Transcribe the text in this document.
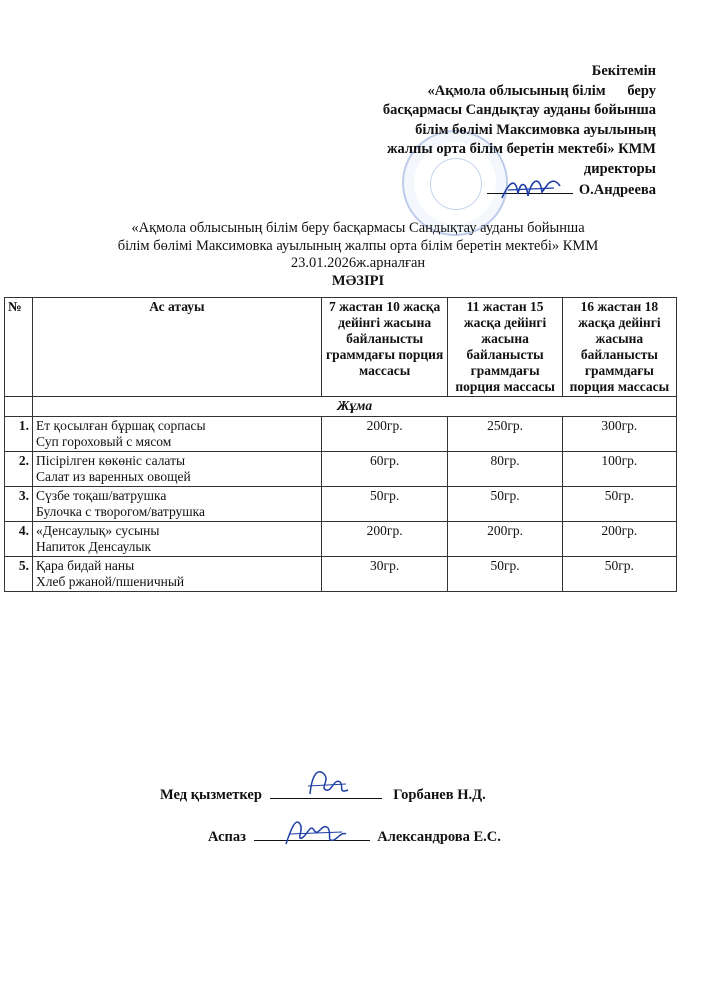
Бекітемін
«Ақмола облысының білім      беру
басқармасы Сандықтау ауданы бойынша
білім бөлімі Максимовка ауылының
жалпы орта білім беретін мектебі» КММ
директоры
О.Андреева
«Ақмола облысының білім беру басқармасы Сандықтау ауданы бойынша
білім бөлімі Максимовка ауылының жалпы орта білім беретін мектебі» КММ
23.01.2026ж.арналған
МӘЗІРІ
№	Ас атауы	7 жастан 10 жасқа дейінгі жасына байланысты граммдағы порция массасы	11 жастан 15 жасқа дейінгі жасына байланысты граммдағы порция массасы	16 жастан 18 жасқа дейінгі жасына байланысты граммдағы порция массасы
	Жұма			
1.	Ет қосылған бұршақ сорпасы
Суп гороховый с мясом	200гр.	250гр.	300гр.
2.	Пісірілген көкөніс салаты
Салат из варенных овощей	60гр.	80гр.	100гр.
3.	Сүзбе тоқаш/ватрушка
Булочка с творогом/ватрушка	50гр.	50гр.	50гр.
4.	«Денсаулық» сусыны
Напиток Денсаулык	200гр.	200гр.	200гр.
5.	Қара бидай наны
Хлеб ржаной/пшеничный	30гр.	50гр.	50гр.
Мед қызметкер	Горбанев Н.Д.
Аспаз	Александрова Е.С.
